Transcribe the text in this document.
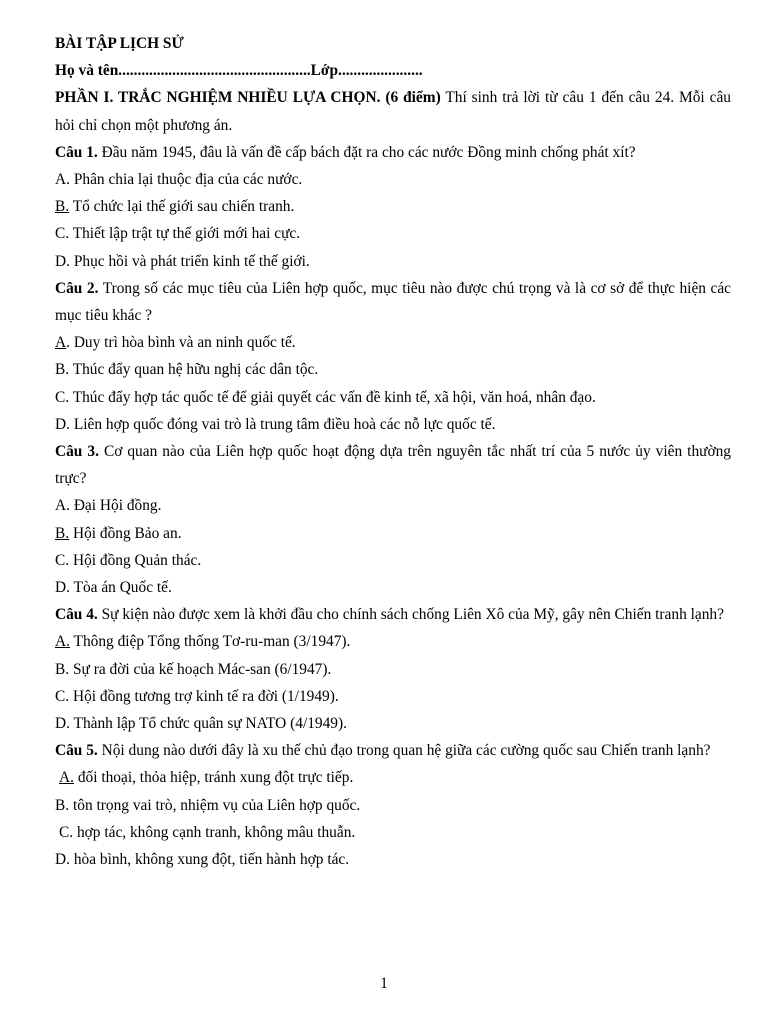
BÀI TẬP LỊCH SỬ
Họ và tên..................................................Lớp......................
PHẦN I. TRẮC NGHIỆM NHIỀU LỰA CHỌN. (6 điểm) Thí sinh trả lời từ câu 1 đến câu 24. Mỗi câu hỏi chỉ chọn một phương án.
Câu 1. Đầu năm 1945, đâu là vấn đề cấp bách đặt ra cho các nước Đồng minh chống phát xít?
A. Phân chia lại thuộc địa của các nước.
B. Tổ chức lại thế giới sau chiến tranh.
C. Thiết lập trật tự thế giới mới hai cực.
D. Phục hồi và phát triển kinh tế thế giới.
Câu 2. Trong số các mục tiêu của Liên hợp quốc, mục tiêu nào được chú trọng và là cơ sở để thực hiện các mục tiêu khác ?
A. Duy trì hòa bình và an ninh quốc tế.
B. Thúc đẩy quan hệ hữu nghị các dân tộc.
C. Thúc đẩy hợp tác quốc tế để giải quyết các vấn đề kinh tế, xã hội, văn hoá, nhân đạo.
D. Liên hợp quốc đóng vai trò là trung tâm điều hoà các nỗ lực quốc tế.
Câu 3. Cơ quan nào của Liên hợp quốc hoạt động dựa trên nguyên tắc nhất trí của 5 nước ủy viên thường trực?
A. Đại Hội đồng.
B. Hội đồng Bảo an.
C. Hội đồng Quản thác.
D. Tòa án Quốc tế.
Câu 4. Sự kiện nào được xem là khởi đầu cho chính sách chống Liên Xô của Mỹ, gây nên Chiến tranh lạnh?
A. Thông điệp Tổng thống Tơ-ru-man (3/1947).
B. Sự ra đời của kế hoạch Mác-san (6/1947).
C. Hội đồng tương trợ kinh tế ra đời (1/1949).
D. Thành lập Tổ chức quân sự NATO (4/1949).
Câu 5. Nội dung nào dưới đây là xu thế chủ đạo trong quan hệ giữa các cường quốc sau Chiến tranh lạnh?
A. đối thoại, thỏa hiệp, tránh xung đột trực tiếp.
B. tôn trọng vai trò, nhiệm vụ của Liên hợp quốc.
C. hợp tác, không cạnh tranh, không mâu thuẫn.
D. hòa bình, không xung đột, tiến hành hợp tác.
1
